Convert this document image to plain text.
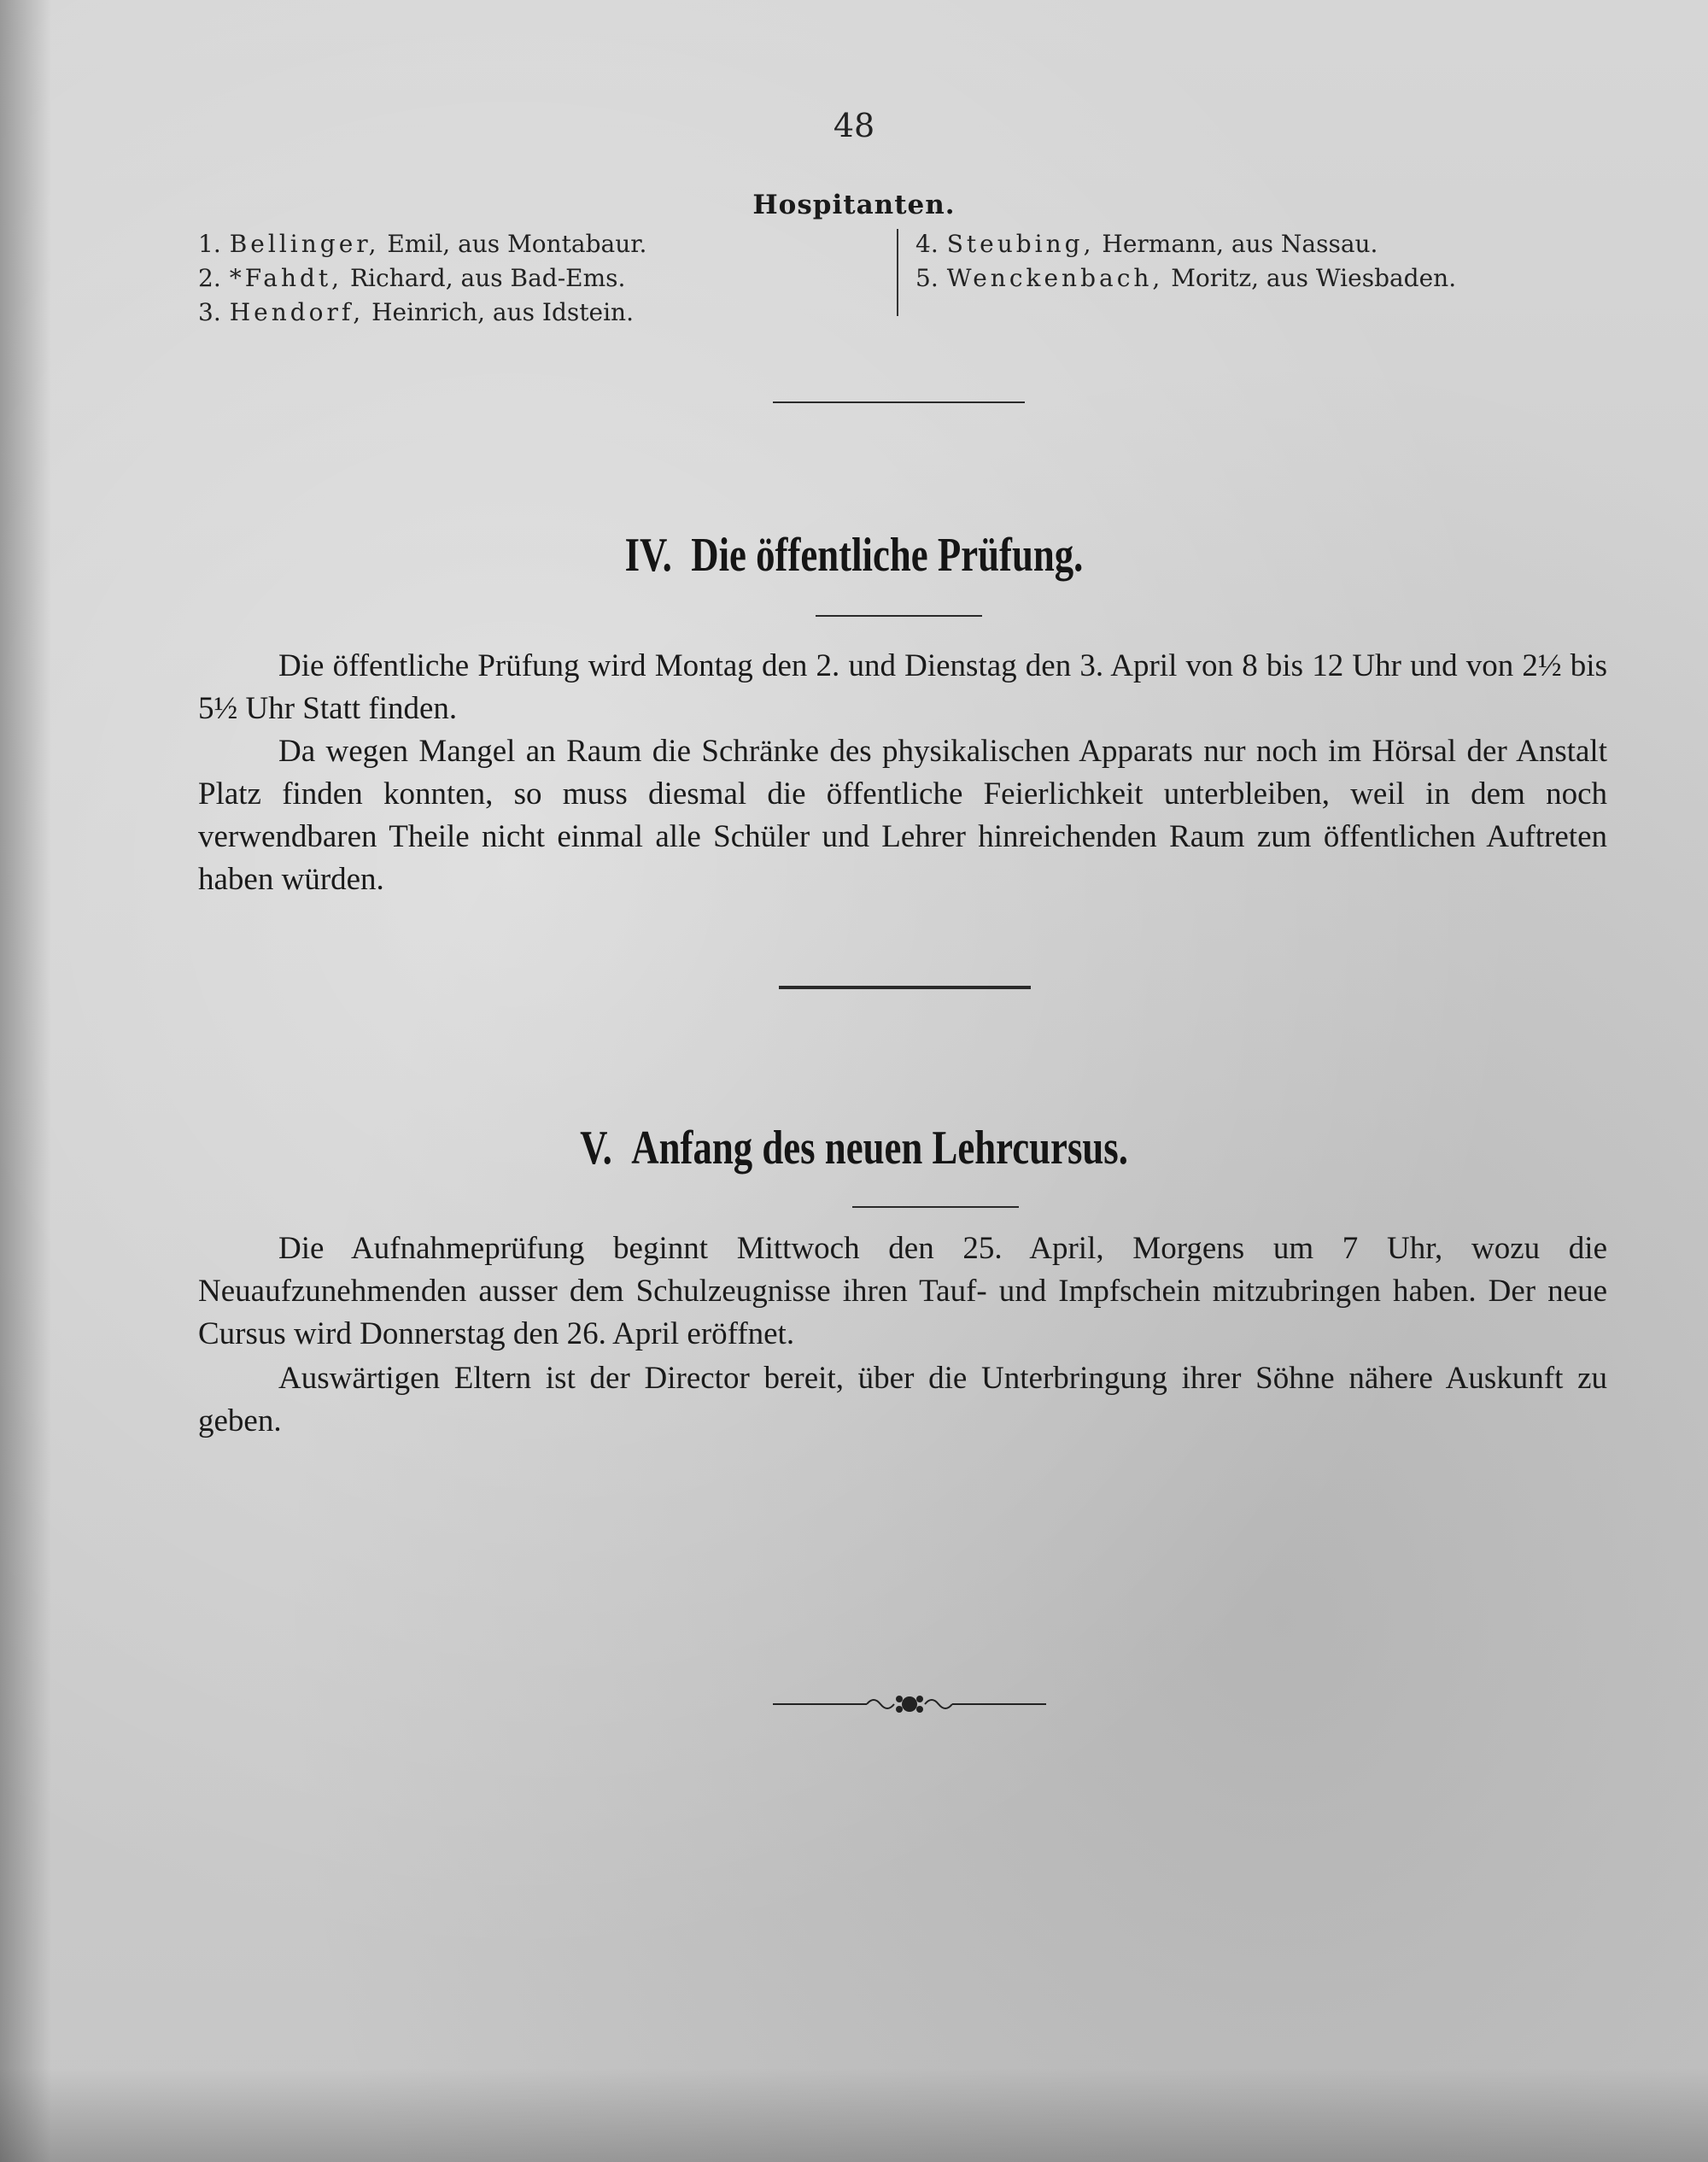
48
Hospitanten.
1. Bellinger, Emil, aus Montabaur.
2. *Fahdt, Richard, aus Bad-Ems.
3. Hendorf, Heinrich, aus Idstein.
4. Steubing, Hermann, aus Nassau.
5. Wenckenbach, Moritz, aus Wiesbaden.
IV. Die öffentliche Prüfung.

Die öffentliche Prüfung wird Montag den 2. und Dienstag den 3. April von 8 bis 12 Uhr und von 2½ bis 5½ Uhr Statt finden.

Da wegen Mangel an Raum die Schränke des physikalischen Apparats nur noch im Hörsal der Anstalt Platz finden konnten, so muss diesmal die öffentliche Feierlichkeit unterbleiben, weil in dem noch verwendbaren Theile nicht einmal alle Schüler und Lehrer hinreichenden Raum zum öffentlichen Auftreten haben würden.

V. Anfang des neuen Lehrcursus.

Die Aufnahmeprüfung beginnt Mittwoch den 25. April, Morgens um 7 Uhr, wozu die Neuaufzunehmenden ausser dem Schulzeugnisse ihren Tauf- und Impfschein mitzubringen haben. Der neue Cursus wird Donnerstag den 26. April eröffnet.

Auswärtigen Eltern ist der Director bereit, über die Unterbringung ihrer Söhne nähere Auskunft zu geben.
